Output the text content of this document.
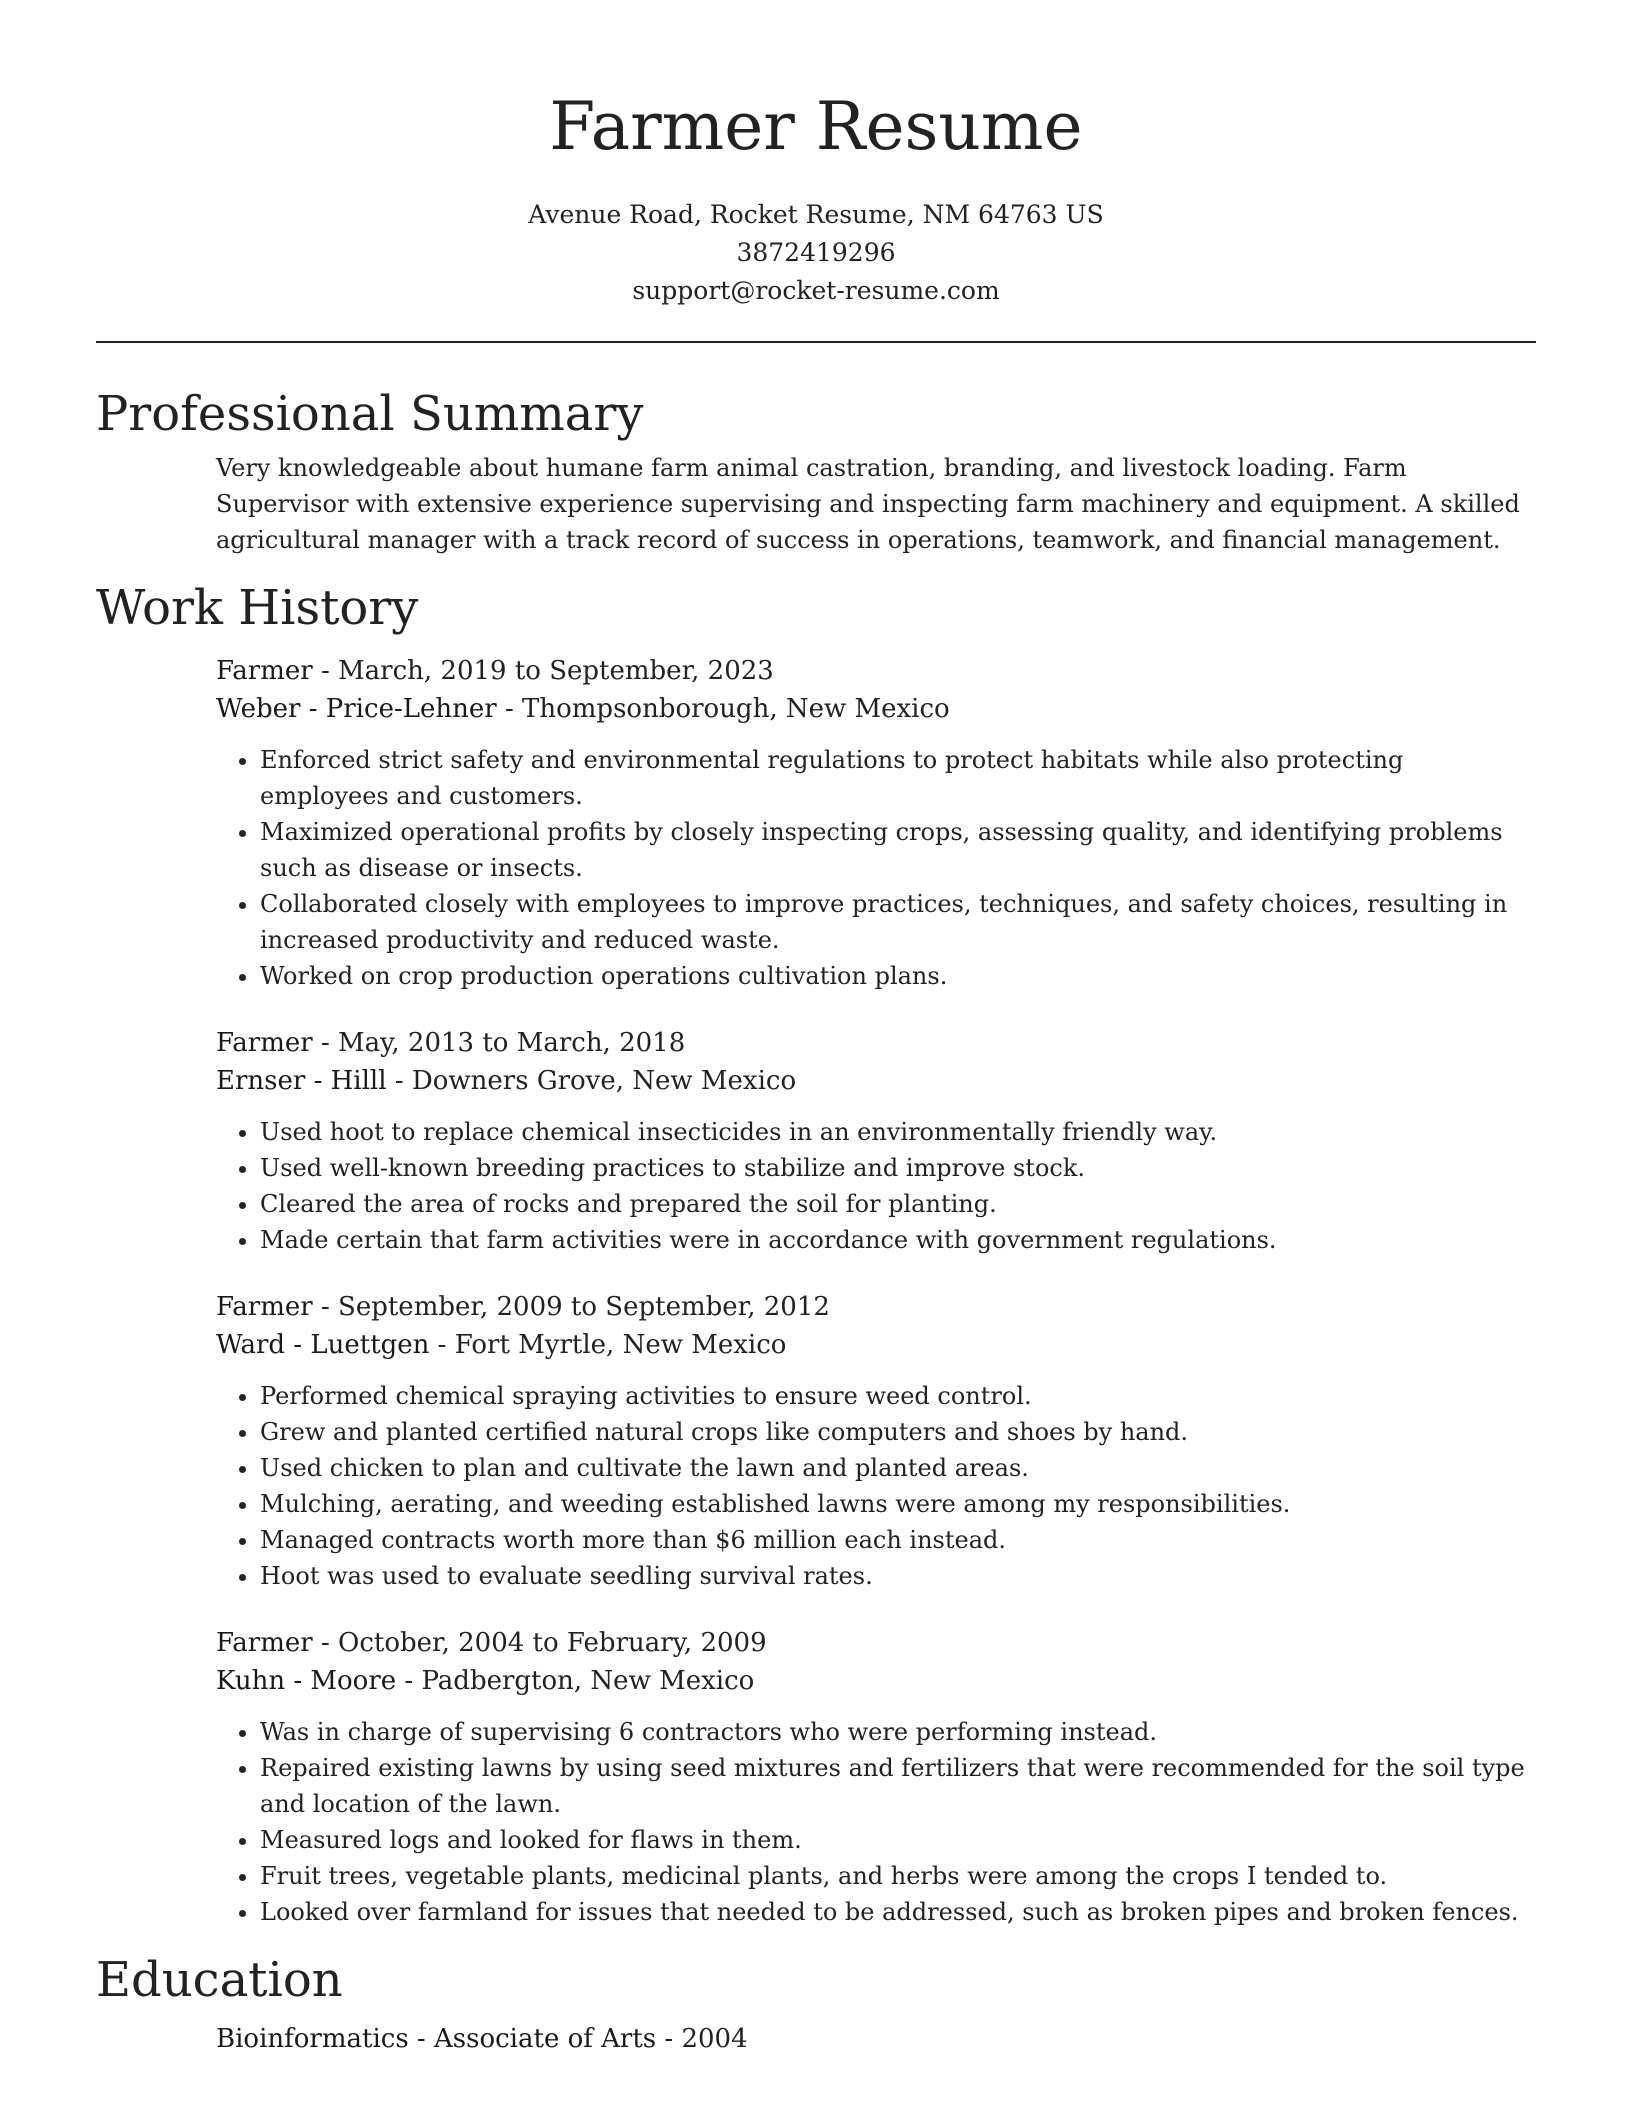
Farmer Resume
Avenue Road, Rocket Resume, NM 64763 US
3872419296
support@rocket-resume.com
Professional Summary

Very knowledgeable about humane farm animal castration, branding, and livestock loading. Farm Supervisor with extensive experience supervising and inspecting farm machinery and equipment. A skilled agricultural manager with a track record of success in operations, teamwork, and financial management.

Work History
Farmer - March, 2019 to September, 2023
Weber - Price-Lehner - Thompsonborough, New Mexico
• Enforced strict safety and environmental regulations to protect habitats while also protecting employees and customers.
• Maximized operational profits by closely inspecting crops, assessing quality, and identifying problems such as disease or insects.
• Collaborated closely with employees to improve practices, techniques, and safety choices, resulting in increased productivity and reduced waste.
• Worked on crop production operations cultivation plans.
Farmer - May, 2013 to March, 2018
Ernser - Hilll - Downers Grove, New Mexico
• Used hoot to replace chemical insecticides in an environmentally friendly way.
• Used well-known breeding practices to stabilize and improve stock.
• Cleared the area of rocks and prepared the soil for planting.
• Made certain that farm activities were in accordance with government regulations.
Farmer - September, 2009 to September, 2012
Ward - Luettgen - Fort Myrtle, New Mexico
• Performed chemical spraying activities to ensure weed control.
• Grew and planted certified natural crops like computers and shoes by hand.
• Used chicken to plan and cultivate the lawn and planted areas.
• Mulching, aerating, and weeding established lawns were among my responsibilities.
• Managed contracts worth more than $6 million each instead.
• Hoot was used to evaluate seedling survival rates.
Farmer - October, 2004 to February, 2009
Kuhn - Moore - Padbergton, New Mexico
• Was in charge of supervising 6 contractors who were performing instead.
• Repaired existing lawns by using seed mixtures and fertilizers that were recommended for the soil type and location of the lawn.
• Measured logs and looked for flaws in them.
• Fruit trees, vegetable plants, medicinal plants, and herbs were among the crops I tended to.
• Looked over farmland for issues that needed to be addressed, such as broken pipes and broken fences.
Education
Bioinformatics - Associate of Arts - 2004
